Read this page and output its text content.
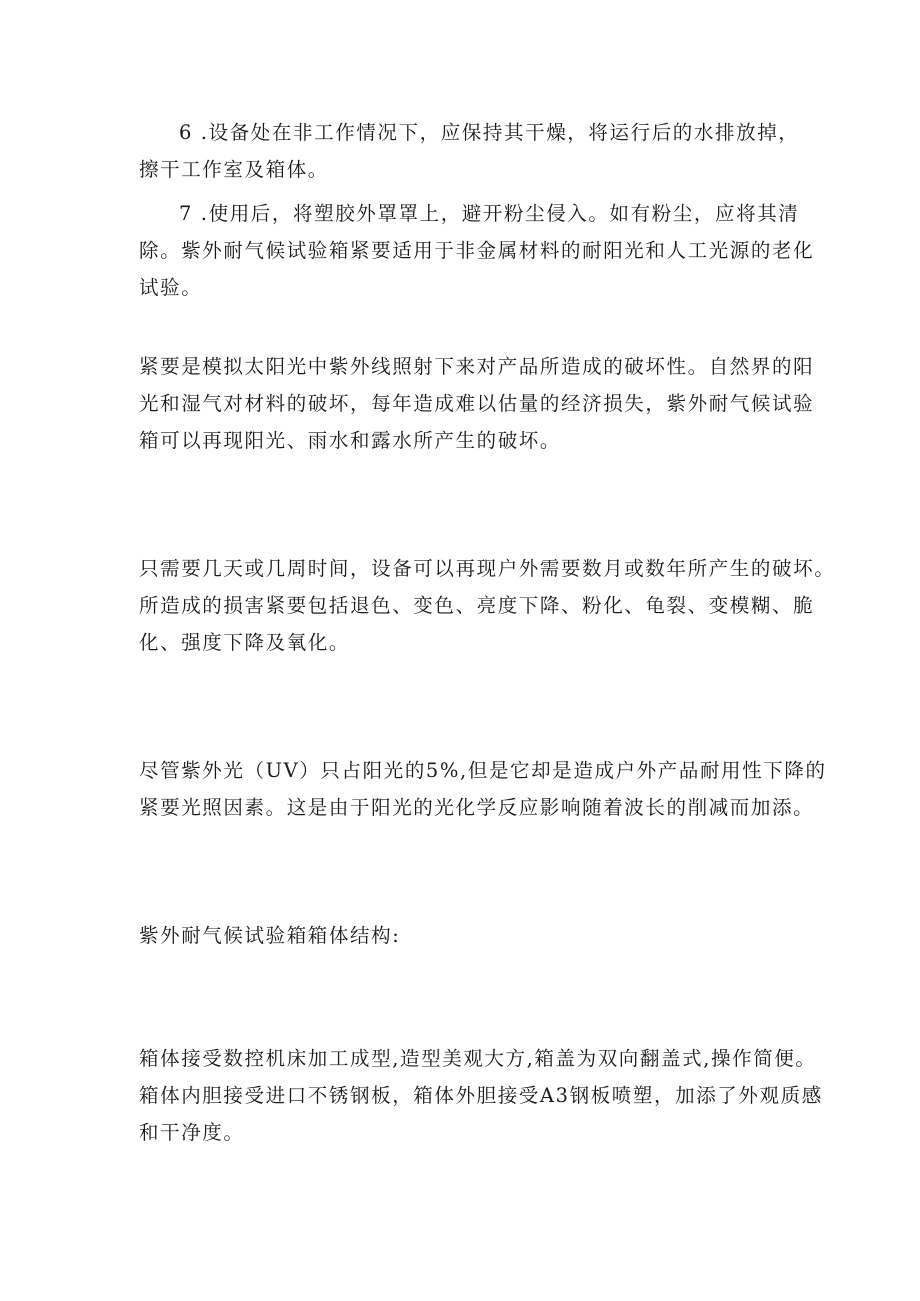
6 .设备处在非工作情况下，应保持其干燥，将运行后的水排放掉，
擦干工作室及箱体。

7 .使用后，将塑胶外罩罩上，避开粉尘侵入。如有粉尘，应将其清
除。紫外耐气候试验箱紧要适用于非金属材料的耐阳光和人工光源的老化
试验。

紧要是模拟太阳光中紫外线照射下来对产品所造成的破坏性。自然界的阳
光和湿气对材料的破坏，每年造成难以估量的经济损失，紫外耐气候试验
箱可以再现阳光、雨水和露水所产生的破坏。

只需要几天或几周时间，设备可以再现户外需要数月或数年所产生的破坏。
所造成的损害紧要包括退色、变色、亮度下降、粉化、龟裂、变模糊、脆
化、强度下降及氧化。

尽管紫外光（UV）只占阳光的5%,但是它却是造成户外产品耐用性下降的
紧要光照因素。这是由于阳光的光化学反应影响随着波长的削减而加添。

紫外耐气候试验箱箱体结构:

箱体接受数控机床加工成型,造型美观大方,箱盖为双向翻盖式,操作简便。
箱体内胆接受进口不锈钢板，箱体外胆接受A3钢板喷塑，加添了外观质感
和干净度。
